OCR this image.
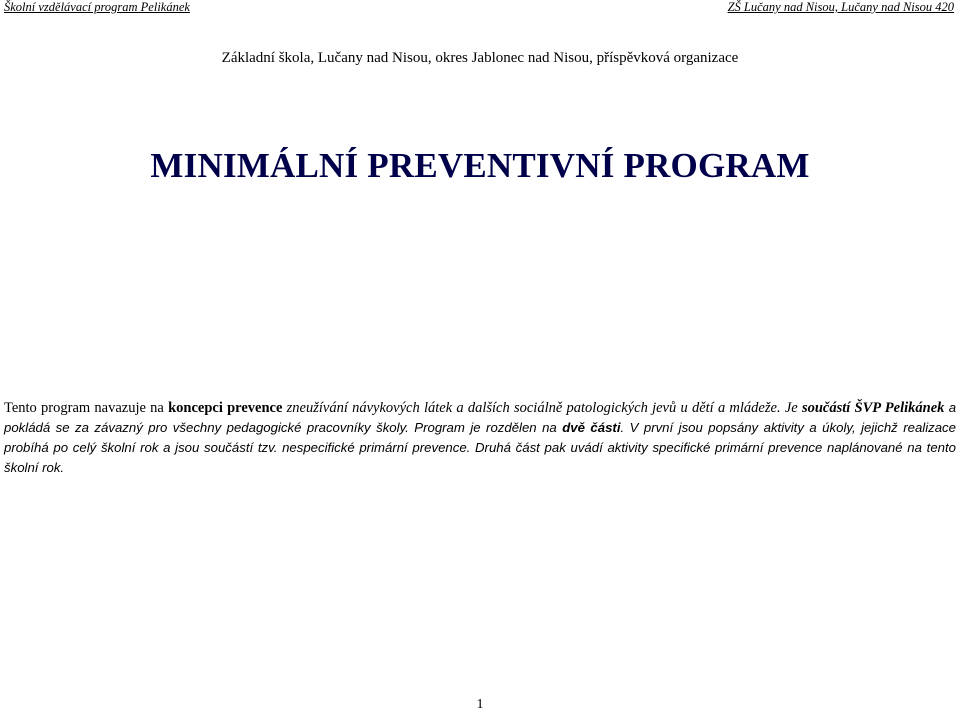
Školní vzdělávací program Pelikánek	ZŠ Lučany nad Nisou, Lučany nad Nisou 420
Základní škola, Lučany nad Nisou, okres Jablonec nad Nisou, příspěvková organizace
MINIMÁLNÍ PREVENTIVNÍ PROGRAM

Tento program navazuje na koncepci prevence zneužívání návykových látek a dalších sociálně patologických jevů u dětí a mládeže. Je součástí ŠVP Pelikánek a pokládá se za závazný pro všechny pedagogické pracovníky školy. Program je rozdělen na dvě části. V první jsou popsány aktivity a úkoly, jejichž realizace probíhá po celý školní rok a jsou součástí tzv. nespecifické primární prevence. Druhá část pak uvádí aktivity specifické primární prevence naplánované na tento školní rok.

1
